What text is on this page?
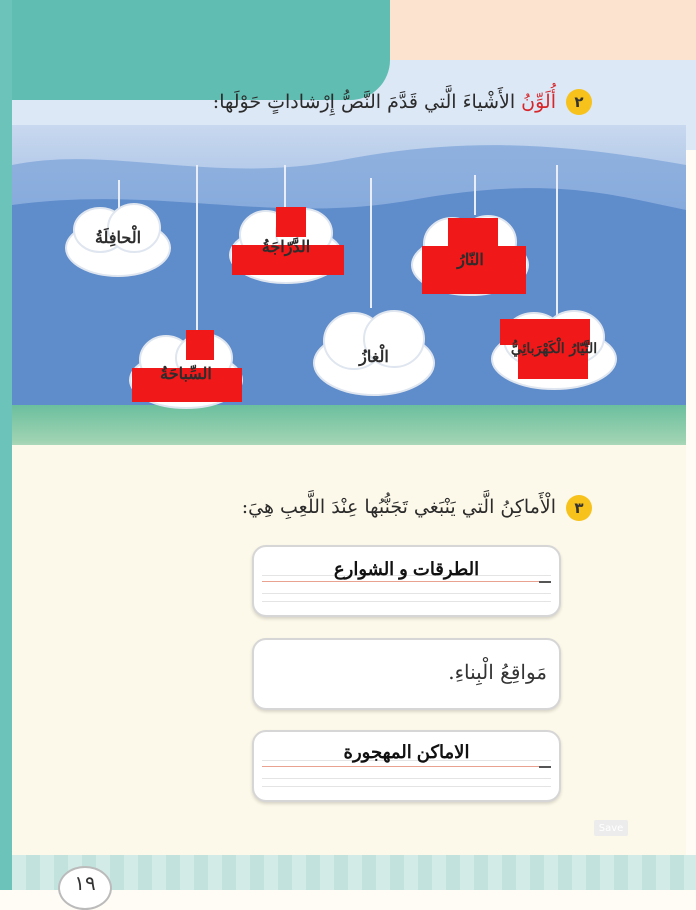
٢
أُلَوِّنُ الأَشْياءَ الَّتي قَدَّمَ النَّصُّ إِرْشاداتٍ حَوْلَها:
الْحافِلَةُ	الدَّرّاجَةُ
النّارُ
السِّباحَةُ
الْغازُ	التَّيّارُ الْكَهْرَبائِيُّ
٣
الْأَماكِنُ الَّتي يَنْبَغي تَجَنُّبُها عِنْدَ اللَّعِبِ هِيَ:
الطرقات و الشوارع
مَواقِعُ الْبِناءِ.
الاماكن المهجورة
Save
١٩
